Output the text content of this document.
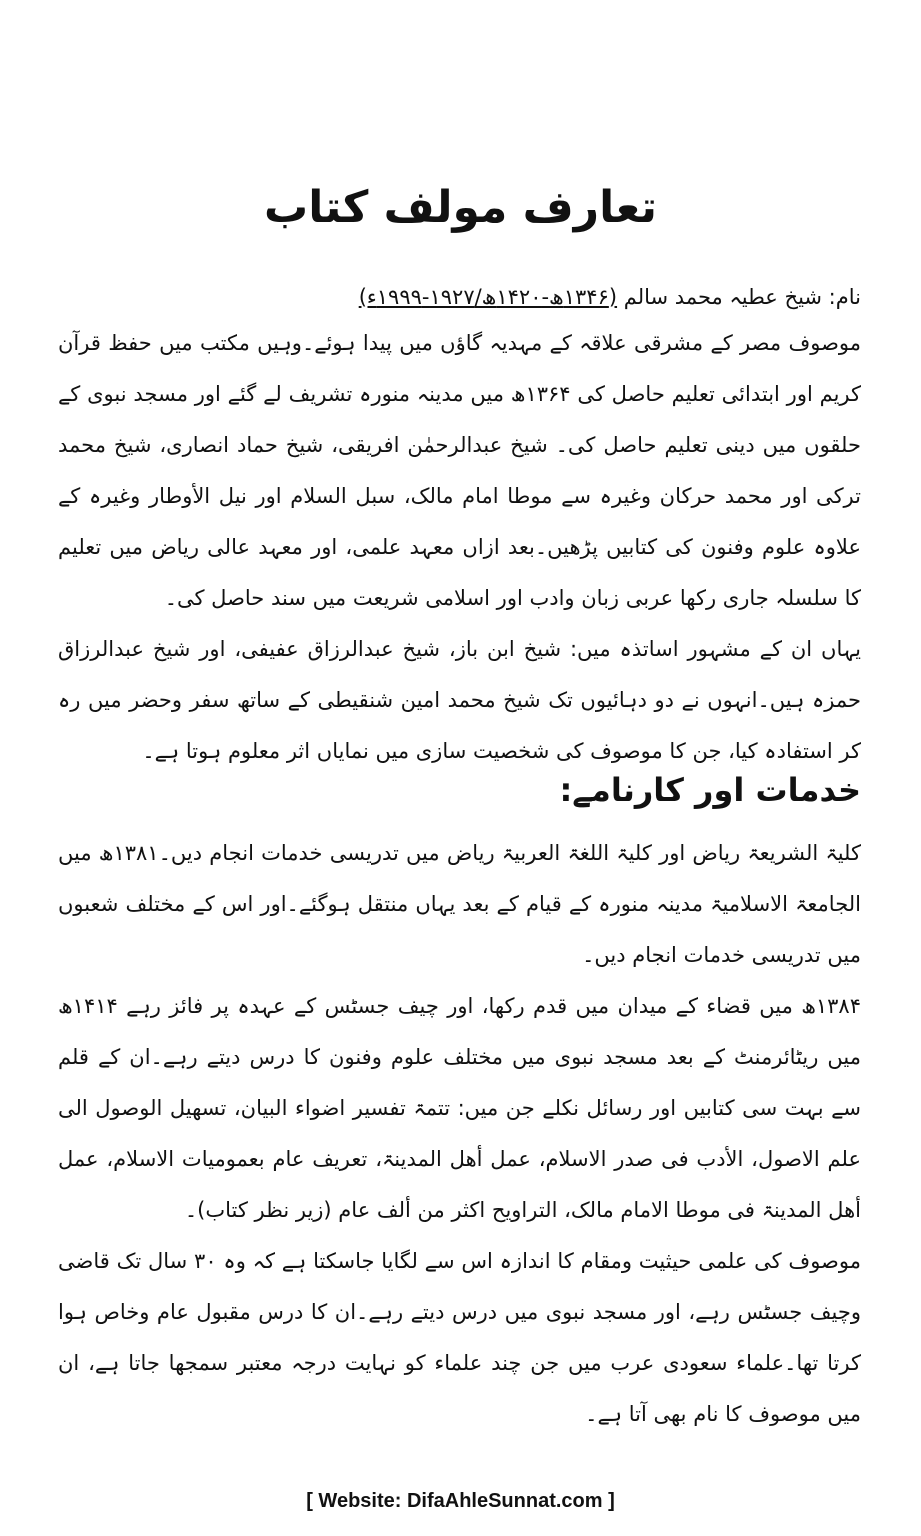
تعارف مولف کتاب
نام: شیخ عطیہ محمد سالم (۱۳۴۶ھ-۱۴۲۰ھ/۱۹۲۷-۱۹۹۹ء)

موصوف مصر کے مشرقی علاقہ کے مہدیہ گاؤں میں پیدا ہوئے۔وہیں مکتب میں حفظ قرآن کریم اور ابتدائی تعلیم حاصل کی ۱۳۶۴ھ میں مدینہ منورہ تشریف لے گئے اور مسجد نبوی کے حلقوں میں دینی تعلیم حاصل کی۔ شیخ عبدالرحمٰن افریقی، شیخ حماد انصاری، شیخ محمد ترکی اور محمد حرکان وغیرہ سے موطا امام مالک، سبل السلام اور نیل الأوطار وغیرہ کے علاوہ علوم وفنون کی کتابیں پڑھیں۔بعد ازاں معہد علمی، اور معہد عالی ریاض میں تعلیم کا سلسلہ جاری رکھا عربی زبان وادب اور اسلامی شریعت میں سند حاصل کی۔

یہاں ان کے مشہور اساتذہ میں: شیخ ابن باز، شیخ عبدالرزاق عفیفی، اور شیخ عبدالرزاق حمزہ ہیں۔انہوں نے دو دہائیوں تک شیخ محمد امین شنقیطی کے ساتھ سفر وحضر میں رہ کر استفادہ کیا، جن کا موصوف کی شخصیت سازی میں نمایاں اثر معلوم ہوتا ہے۔

خدمات اور کارنامے:

کلیۃ الشریعۃ ریاض اور کلیۃ اللغۃ العربیۃ ریاض میں تدریسی خدمات انجام دیں۔۱۳۸۱ھ میں الجامعۃ الاسلامیۃ مدینہ منورہ کے قیام کے بعد یہاں منتقل ہوگئے۔اور اس کے مختلف شعبوں میں تدریسی خدمات انجام دیں۔

۱۳۸۴ھ میں قضاء کے میدان میں قدم رکھا، اور چیف جسٹس کے عہدہ پر فائز رہے ۱۴۱۴ھ میں ریٹائرمنٹ کے بعد مسجد نبوی میں مختلف علوم وفنون کا درس دیتے رہے۔ان کے قلم سے بہت سی کتابیں اور رسائل نکلے جن میں: تتمۃ تفسیر اضواء البیان، تسھیل الوصول الی علم الاصول، الأدب فی صدر الاسلام، عمل أھل المدینۃ، تعریف عام بعمومیات الاسلام، عمل أھل المدینۃ فی موطا الامام مالک، التراویح اکثر من ألف عام (زیر نظر کتاب)۔

موصوف کی علمی حیثیت ومقام کا اندازہ اس سے لگایا جاسکتا ہے کہ وہ ۳۰ سال تک قاضی وچیف جسٹس رہے، اور مسجد نبوی میں درس دیتے رہے۔ان کا درس مقبول عام وخاص ہوا کرتا تھا۔علماء سعودی عرب میں جن چند علماء کو نہایت درجہ معتبر سمجھا جاتا ہے، ان میں موصوف کا نام بھی آتا ہے۔

[ Website: DifaAhleSunnat.com ]
